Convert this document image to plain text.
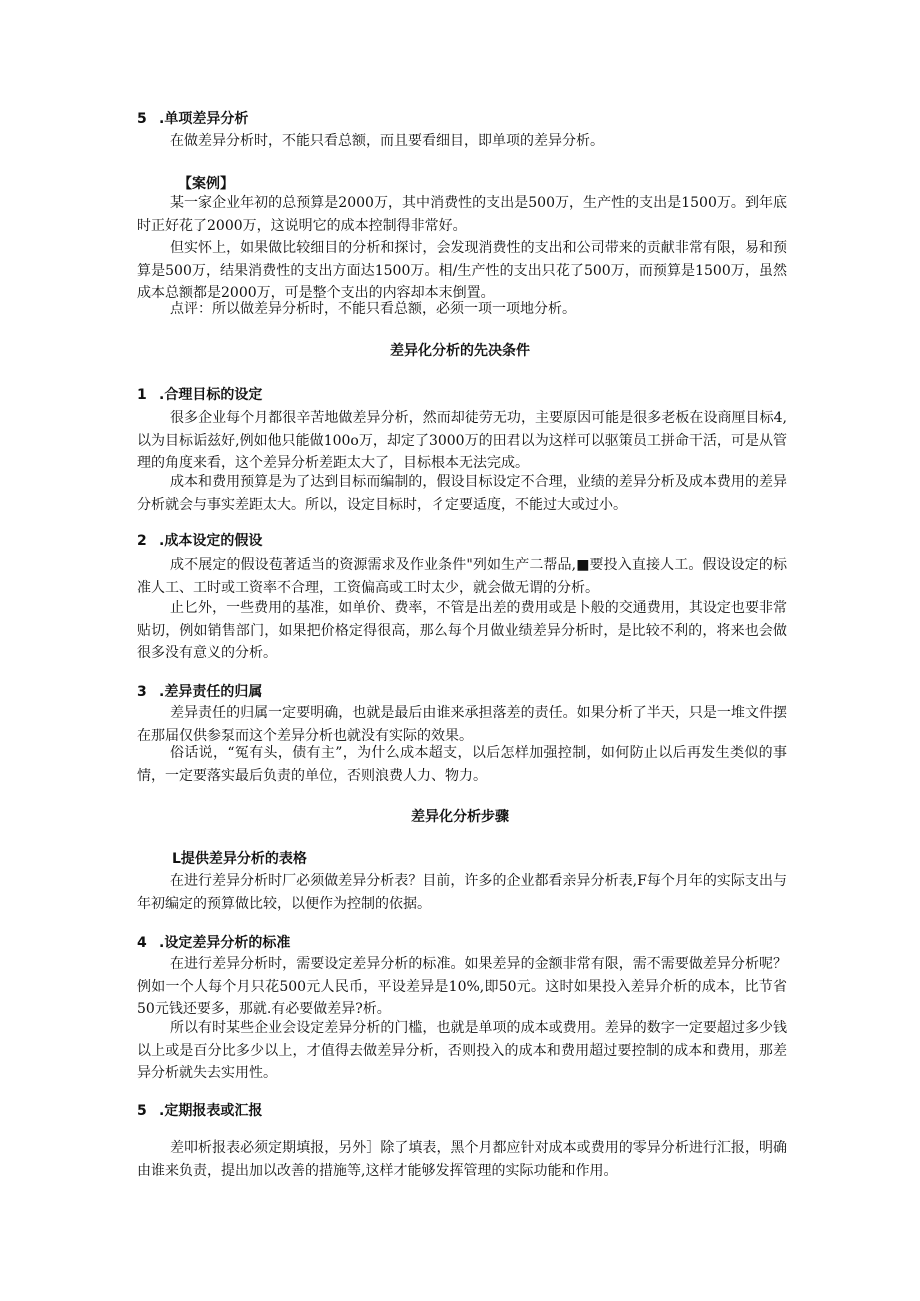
5 .单项差异分析

在做差异分析时，不能只看总额，而且要看细目，即单项的差异分析。

【案例】

某一家企业年初的总预算是2000万，其中消费性的支出是500万，生产性的支出是1500万。到年底时正好花了2000万，这说明它的成本控制得非常好。

但实怀上，如果做比较细目的分析和探讨，会发现消费性的支出和公司带来的贡献非常有限，易和预算是500万，结果消费性的支出方面达1500万。相/生产性的支出只花了500万，而预算是1500万，虽然成本总额都是2000万，可是整个支出的内容却本末倒置。

点评：所以做差异分析时，不能只看总额，必须一项一项地分析。

差异化分析的先决条件
1 .合理目标的设定

很多企业每个月都很辛苦地做差异分析，然而却徒劳无功，主要原因可能是很多老板在设商厘目标4,以为目标诟兹好,例如他只能做100o万，却定了3000万的田君以为这样可以驱策员工拼命干活，可是从管理的角度来看，这个差异分析差距太大了，目标根本无法完成。

成本和费用预算是为了达到目标而编制的，假设目标设定不合理，业绩的差异分析及成本费用的差异分析就会与事实差距太大。所以，设定目标时，彳定要适度，不能过大或过小。

2 .成本设定的假设

成不展定的假设苞著适当的资源需求及作业条件"列如生产二帮品,■要投入直接人工。假设设定的标准人工、工时或工资率不合理，工资偏高或工时太少，就会做无谓的分析。

止匕外，一些费用的基准，如单价、费率，不管是出差的费用或是卜般的交通费用，其设定也要非常贴切，例如销售部门，如果把价格定得很高，那么每个月做业绩差异分析时，是比较不利的，将来也会做很多没有意义的分析。

3 .差异责任的归属

差异责任的归属一定要明确，也就是最后由谁来承担落差的责任。如果分析了半天，只是一堆文件摆在那届仅供参泵而这个差异分析也就没有实际的效果。

俗话说，“冤有头，债有主”，为什么成本超支，以后怎样加强控制，如何防止以后再发生类似的事情，一定要落实最后负责的单位，否则浪费人力、物力。

差异化分析步骤
L提供差异分析的表格

在进行差异分析时厂必须做差异分析表？目前，许多的企业都看亲异分析表,F每个月年的实际支出与年初编定的预算做比较，以便作为控制的依据。

4 .设定差异分析的标准

在进行差异分析时，需要设定差异分析的标准。如果差异的金额非常有限，需不需要做差异分析呢？例如一个人每个月只花500元人民币，平设差异是10%,即50元。这时如果投入差异介析的成本，比节省50元钱还要多，那就.有必要做差异?析。

所以有时某些企业会设定差异分析的门槛，也就是单项的成本或费用。差异的数字一定要超过多少钱以上或是百分比多少以上，才值得去做差异分析，否则投入的成本和费用超过要控制的成本和费用，那差异分析就失去实用性。

5 .定期报表或汇报

差叩析报表必须定期填报，另外］除了填表，黑个月都应针对成本或费用的零异分析进行汇报，明确由谁来负责，提出加以改善的措施等,这样才能够发挥管理的实际功能和作用。
